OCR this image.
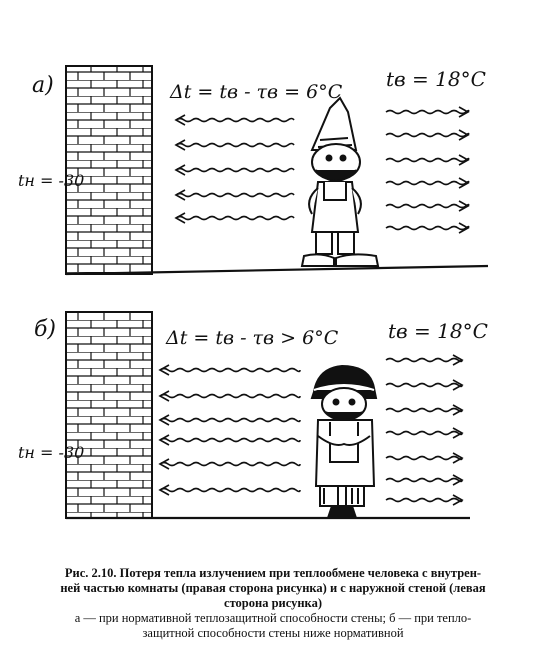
а)	Δt = tв - τв = 6°C
tв = 18°C
tн = -30
б)	Δt = tв - τв > 6°C tв = 18°C
tн = -30
Рис. 2.10. Потеря тепла излучением при теплообмене человека с внутрен-
ней частью комнаты (правая сторона рисунка) и с наружной стеной (левая
сторона рисунка)
а — при нормативной теплозащитной способности стены; б — при тепло-
защитной способности стены ниже нормативной
